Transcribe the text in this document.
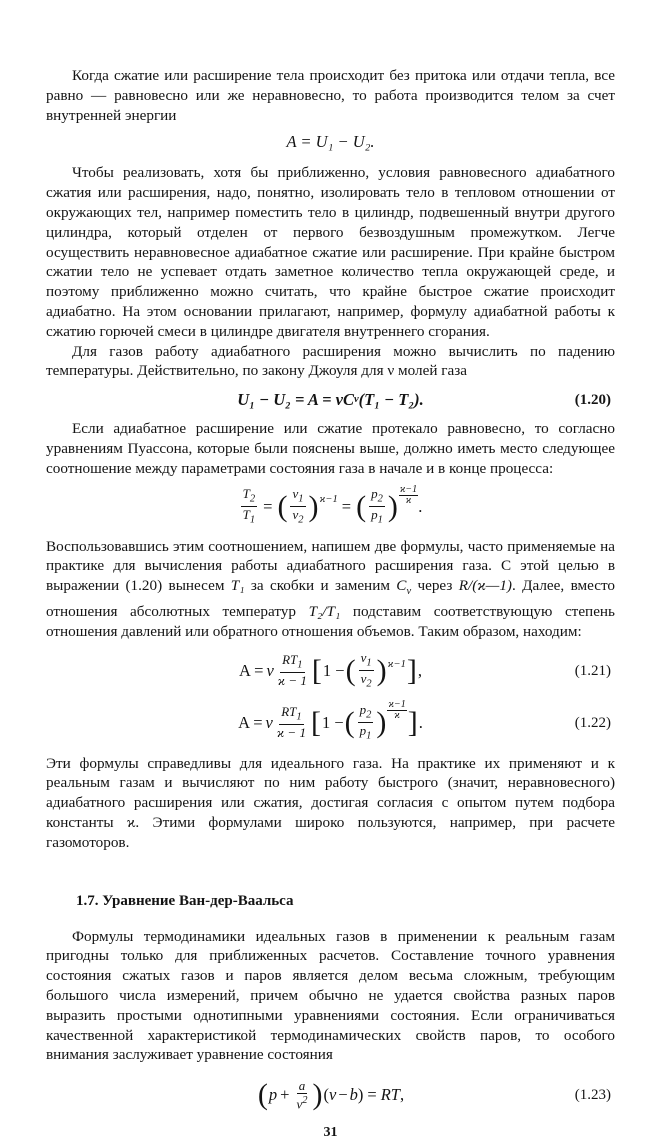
Когда сжатие или расширение тела происходит без притока или отдачи тепла, все равно — равновесно или же неравновесно, то работа производится телом за счет внутренней энергии

A = U₁ − U₂.

Чтобы реализовать, хотя бы приближенно, условия равновесного адиабатного сжатия или расширения, надо, понятно, изолировать тело в тепловом отношении от окружающих тел, например поместить тело в цилиндр, подвешенный внутри другого цилиндра, который отделен от первого безвоздушным промежутком. Легче осуществить неравновесное адиабатное сжатие или расширение. При крайне быстром сжатии тело не успевает отдать заметное количество тепла окружающей среде, и поэтому приближенно можно считать, что крайне быстрое сжатие происходит адиабатно. На этом основании прилагают, например, формулу адиабатной работы к сжатию горючей смеси в цилиндре двигателя внутреннего сгорания.

Для газов работу адиабатного расширения можно вычислить по падению температуры. Действительно, по закону Джоуля для ν молей газа

U₁ − U₂ = A = νC v (T₁ − T₂).	(1.20)

Если адиабатное расширение или сжатие протекало равновесно, то согласно уравнениям Пуассона, которые были пояснены выше, должно иметь место следующее соотношение между параметрами состояния газа в начале и в конце процесса:

$\frac{T_2}{T_1}$ = ( $\frac{v_1}{v_2} )^{ϰ-1}$ = ( $\frac{p_2}{p_1}$ ) $\frac{ϰ-1}{ϰ}$
.

Воспользовавшись этим соотношением, напишем две формулы, часто применяемые на практике для вычисления работы адиабатного расширения газа. С этой целью в выражении (1.20) вынесем T₁ за скобки и заменим $C_v$ через R/(ϰ—1). Далее, вместо отношения абсолютных температур T₂/T₁ подставим соответствующую степень отношения давлений или обратного отношения объемов. Таким образом, находим:

A = ν $\frac{RT_1}{ϰ - 1}$ [ 1 − ( $\frac{v_1}{v_2} )^{ϰ-1}$ ] ,	(1.21)
A = ν $\frac{RT_1}{ϰ - 1}$ [ 1 − ( $\frac{p_2}{p_1}$ ) $\frac{ϰ-1}{ϰ}$ ] .	(1.22)

Эти формулы справедливы для идеального газа. На практике их применяют и к реальным газам и вычисляют по ним работу быстрого (значит, неравновесного) адиабатного расширения или сжатия, достигая согласия с опытом путем подбора константы ϰ. Этими формулами широко пользуются, например, при расчете газомоторов.

1.7. Уравнение Ван-дер-Ваальса

Формулы термодинамики идеальных газов в применении к реальным газам пригодны только для приближенных расчетов. Составление точного уравнения состояния сжатых газов и паров является делом весьма сложным, требующим большого числа измерений, причем обычно не удается свойства разных паров выразить простыми однотипными уравнениями состояния. Если ограничиваться качественной характеристикой термодинамических свойств паров, то особого внимания заслуживает уравнение состояния

( $p + \frac{a}{v^2}$ ) ( v − b ) = RT ,	(1.23)
31
